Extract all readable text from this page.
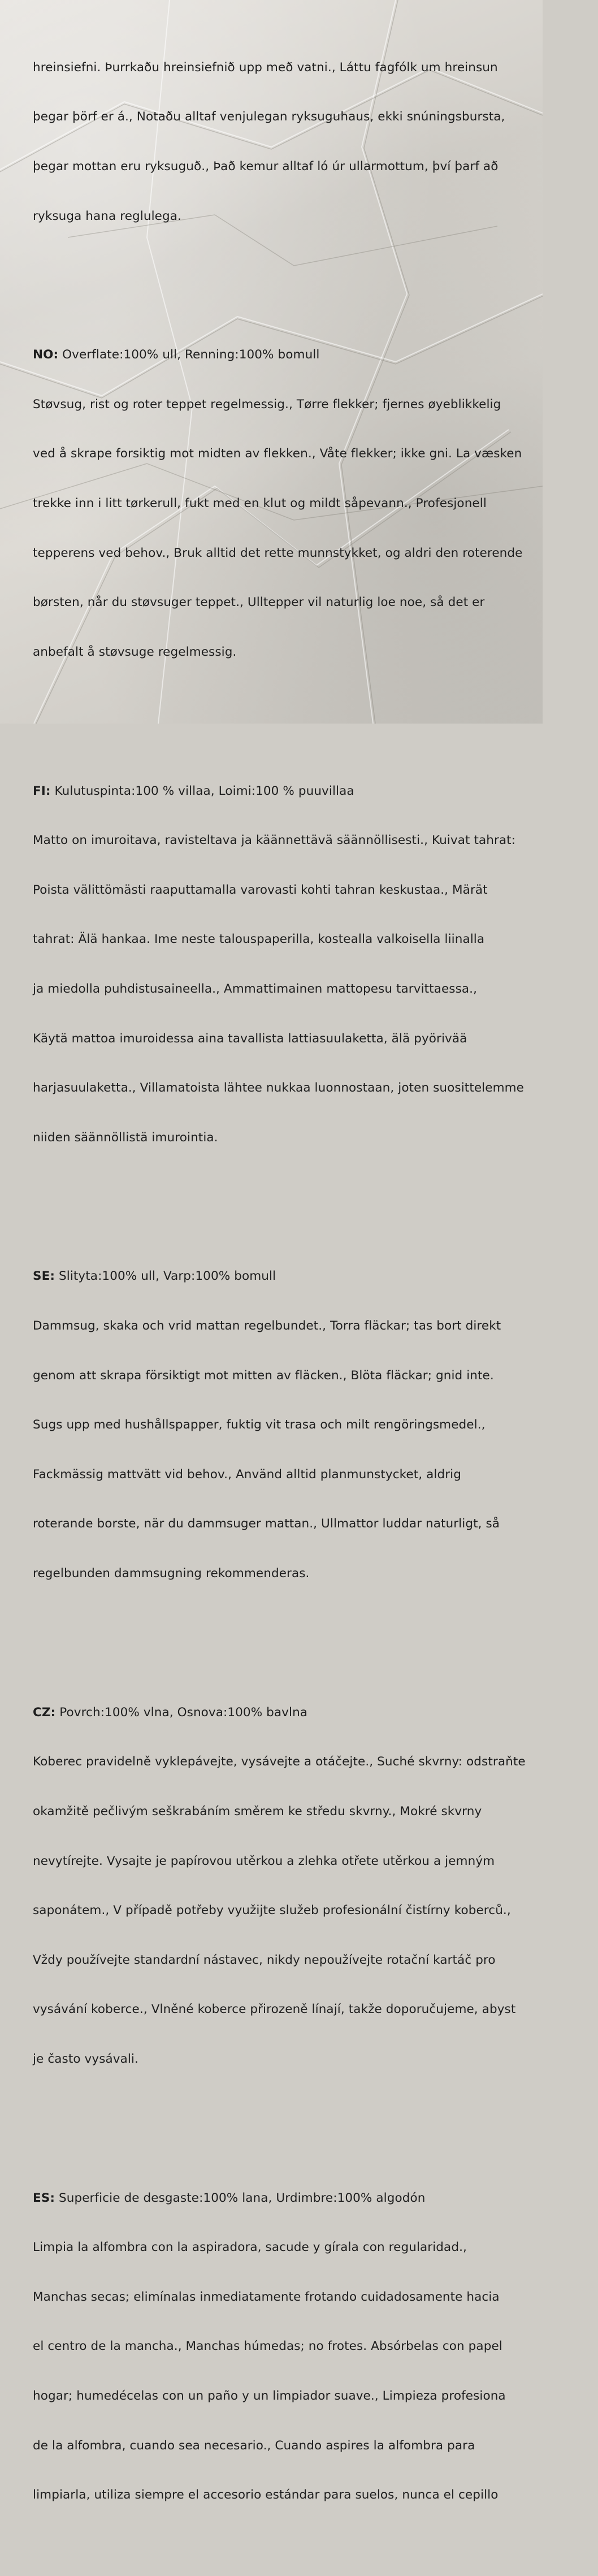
hreinsiefni. Þurrkaðu hreinsiefnið upp með vatni., Láttu fagfólk um hreinsun

þegar þörf er á., Notaðu alltaf venjulegan ryksuguhaus, ekki snúningsbursta,

þegar mottan eru ryksuguð., Það kemur alltaf ló úr ullarmottum, því þarf að

ryksuga hana reglulega.

NO: Overflate:100% ull, Renning:100% bomull

Støvsug, rist og roter teppet regelmessig., Tørre flekker; fjernes øyeblikkelig

ved å skrape forsiktig mot midten av flekken., Våte flekker; ikke gni. La væsken

trekke inn i litt tørkerull, fukt med en klut og mildt såpevann., Profesjonell

tepperens ved behov., Bruk alltid det rette munnstykket, og aldri den roterende

børsten, når du støvsuger teppet., Ulltepper vil naturlig loe noe, så det er

anbefalt å støvsuge regelmessig.

FI: Kulutuspinta:100 % villaa, Loimi:100 % puuvillaa

Matto on imuroitava, ravisteltava ja käännettävä säännöllisesti., Kuivat tahrat:

Poista välittömästi raaputtamalla varovasti kohti tahran keskustaa., Märät

tahrat: Älä hankaa. Ime neste talouspaperilla, kostealla valkoisella liinalla

ja miedolla puhdistusaineella., Ammattimainen mattopesu tarvittaessa.,

Käytä mattoa imuroidessa aina tavallista lattiasuulaketta, älä pyörivää

harjasuulaketta., Villamatoista lähtee nukkaa luonnostaan, joten suosittelemme

niiden säännöllistä imurointia.

SE: Slityta:100% ull, Varp:100% bomull

Dammsug, skaka och vrid mattan regelbundet., Torra fläckar; tas bort direkt

genom att skrapa försiktigt mot mitten av fläcken., Blöta fläckar; gnid inte.

Sugs upp med hushållspapper, fuktig vit trasa och milt rengöringsmedel.,

Fackmässig mattvätt vid behov., Använd alltid planmunstycket, aldrig

roterande borste, när du dammsuger mattan., Ullmattor luddar naturligt, så

regelbunden dammsugning rekommenderas.

CZ: Povrch:100% vlna, Osnova:100% bavlna

Koberec pravidelně vyklepávejte, vysávejte a otáčejte., Suché skvrny: odstraňte

okamžitě pečlivým seškrabáním směrem ke středu skvrny., Mokré skvrny

nevytírejte. Vysajte je papírovou utěrkou a zlehka otřete utěrkou a jemným

saponátem., V případě potřeby využijte služeb profesionální čistírny koberců.,

Vždy používejte standardní nástavec, nikdy nepoužívejte rotační kartáč pro

vysávání koberce., Vlněné koberce přirozeně línají, takže doporučujeme, abyst

je často vysávali.

ES: Superficie de desgaste:100% lana, Urdimbre:100% algodón

Limpia la alfombra con la aspiradora, sacude y gírala con regularidad.,

Manchas secas; elimínalas inmediatamente frotando cuidadosamente hacia

el centro de la mancha., Manchas húmedas; no frotes. Absórbelas con papel

hogar; humedécelas con un paño y un limpiador suave., Limpieza profesiona

de la alfombra, cuando sea necesario., Cuando aspires la alfombra para

limpiarla, utiliza siempre el accesorio estándar para suelos, nunca el cepillo
